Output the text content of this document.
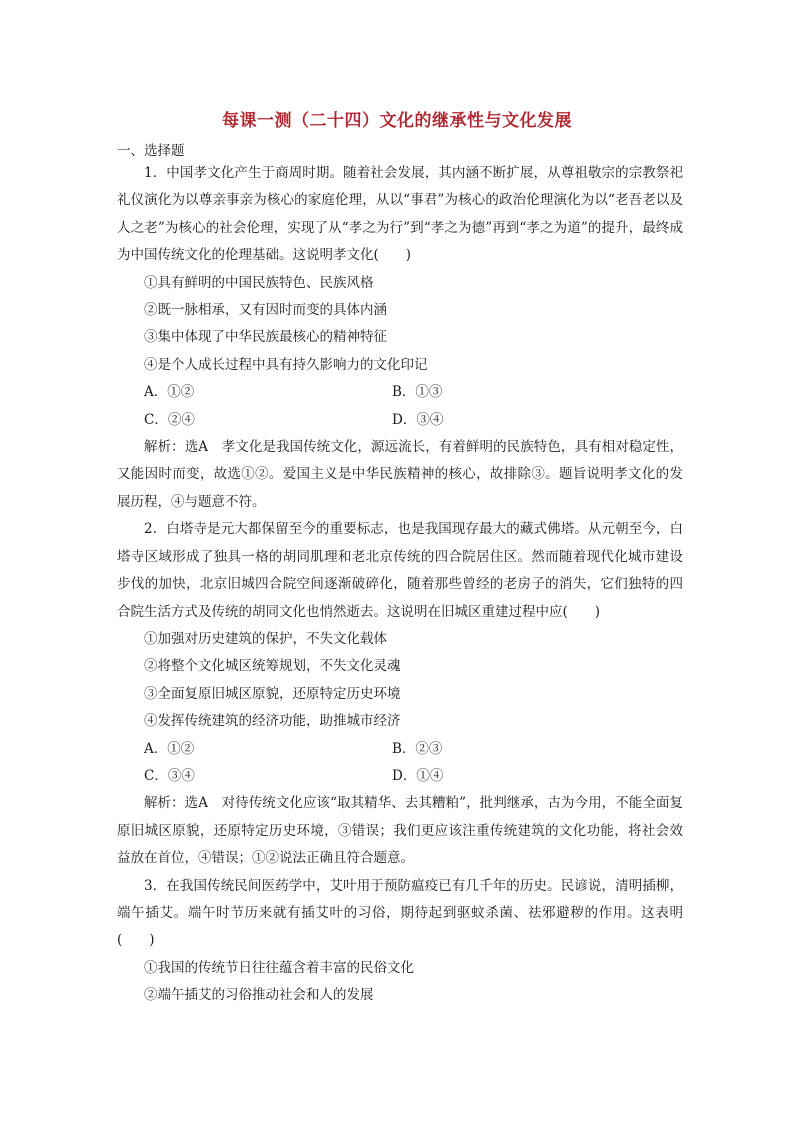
每课一测（二十四）文化的继承性与文化发展
一、选择题

1．中国孝文化产生于商周时期。随着社会发展，其内涵不断扩展，从尊祖敬宗的宗教祭祀礼仪演化为以尊亲事亲为核心的家庭伦理，从以“事君”为核心的政治伦理演化为以“老吾老以及人之老”为核心的社会伦理，实现了从“孝之为行”到“孝之为德”再到“孝之为道”的提升，最终成为中国传统文化的伦理基础。这说明孝文化(　　)

①具有鲜明的中国民族特色、民族风格

②既一脉相承，又有因时而变的具体内涵

③集中体现了中华民族最核心的精神特征

④是个人成长过程中具有持久影响力的文化印记

A．①②	B．①③
C．②④	D．③④

解析：选A　孝文化是我国传统文化，源远流长，有着鲜明的民族特色，具有相对稳定性，又能因时而变，故选①②。爱国主义是中华民族精神的核心，故排除③。题旨说明孝文化的发展历程，④与题意不符。

2．白塔寺是元大都保留至今的重要标志，也是我国现存最大的藏式佛塔。从元朝至今，白塔寺区域形成了独具一格的胡同肌理和老北京传统的四合院居住区。然而随着现代化城市建设步伐的加快，北京旧城四合院空间逐渐破碎化，随着那些曾经的老房子的消失，它们独特的四合院生活方式及传统的胡同文化也悄然逝去。这说明在旧城区重建过程中应(　　)

①加强对历史建筑的保护，不失文化载体

②将整个文化城区统筹规划，不失文化灵魂

③全面复原旧城区原貌，还原特定历史环境

④发挥传统建筑的经济功能，助推城市经济

A．①②	B．②③
C．③④	D．①④

解析：选A　对待传统文化应该“取其精华、去其糟粕”，批判继承，古为今用，不能全面复原旧城区原貌，还原特定历史环境，③错误；我们更应该注重传统建筑的文化功能，将社会效益放在首位，④错误；①②说法正确且符合题意。

3．在我国传统民间医药学中，艾叶用于预防瘟疫已有几千年的历史。民谚说，清明插柳，端午插艾。端午时节历来就有插艾叶的习俗，期待起到驱蚊杀菌、祛邪避秽的作用。这表明(　　)

①我国的传统节日往往蕴含着丰富的民俗文化

②端午插艾的习俗推动社会和人的发展
